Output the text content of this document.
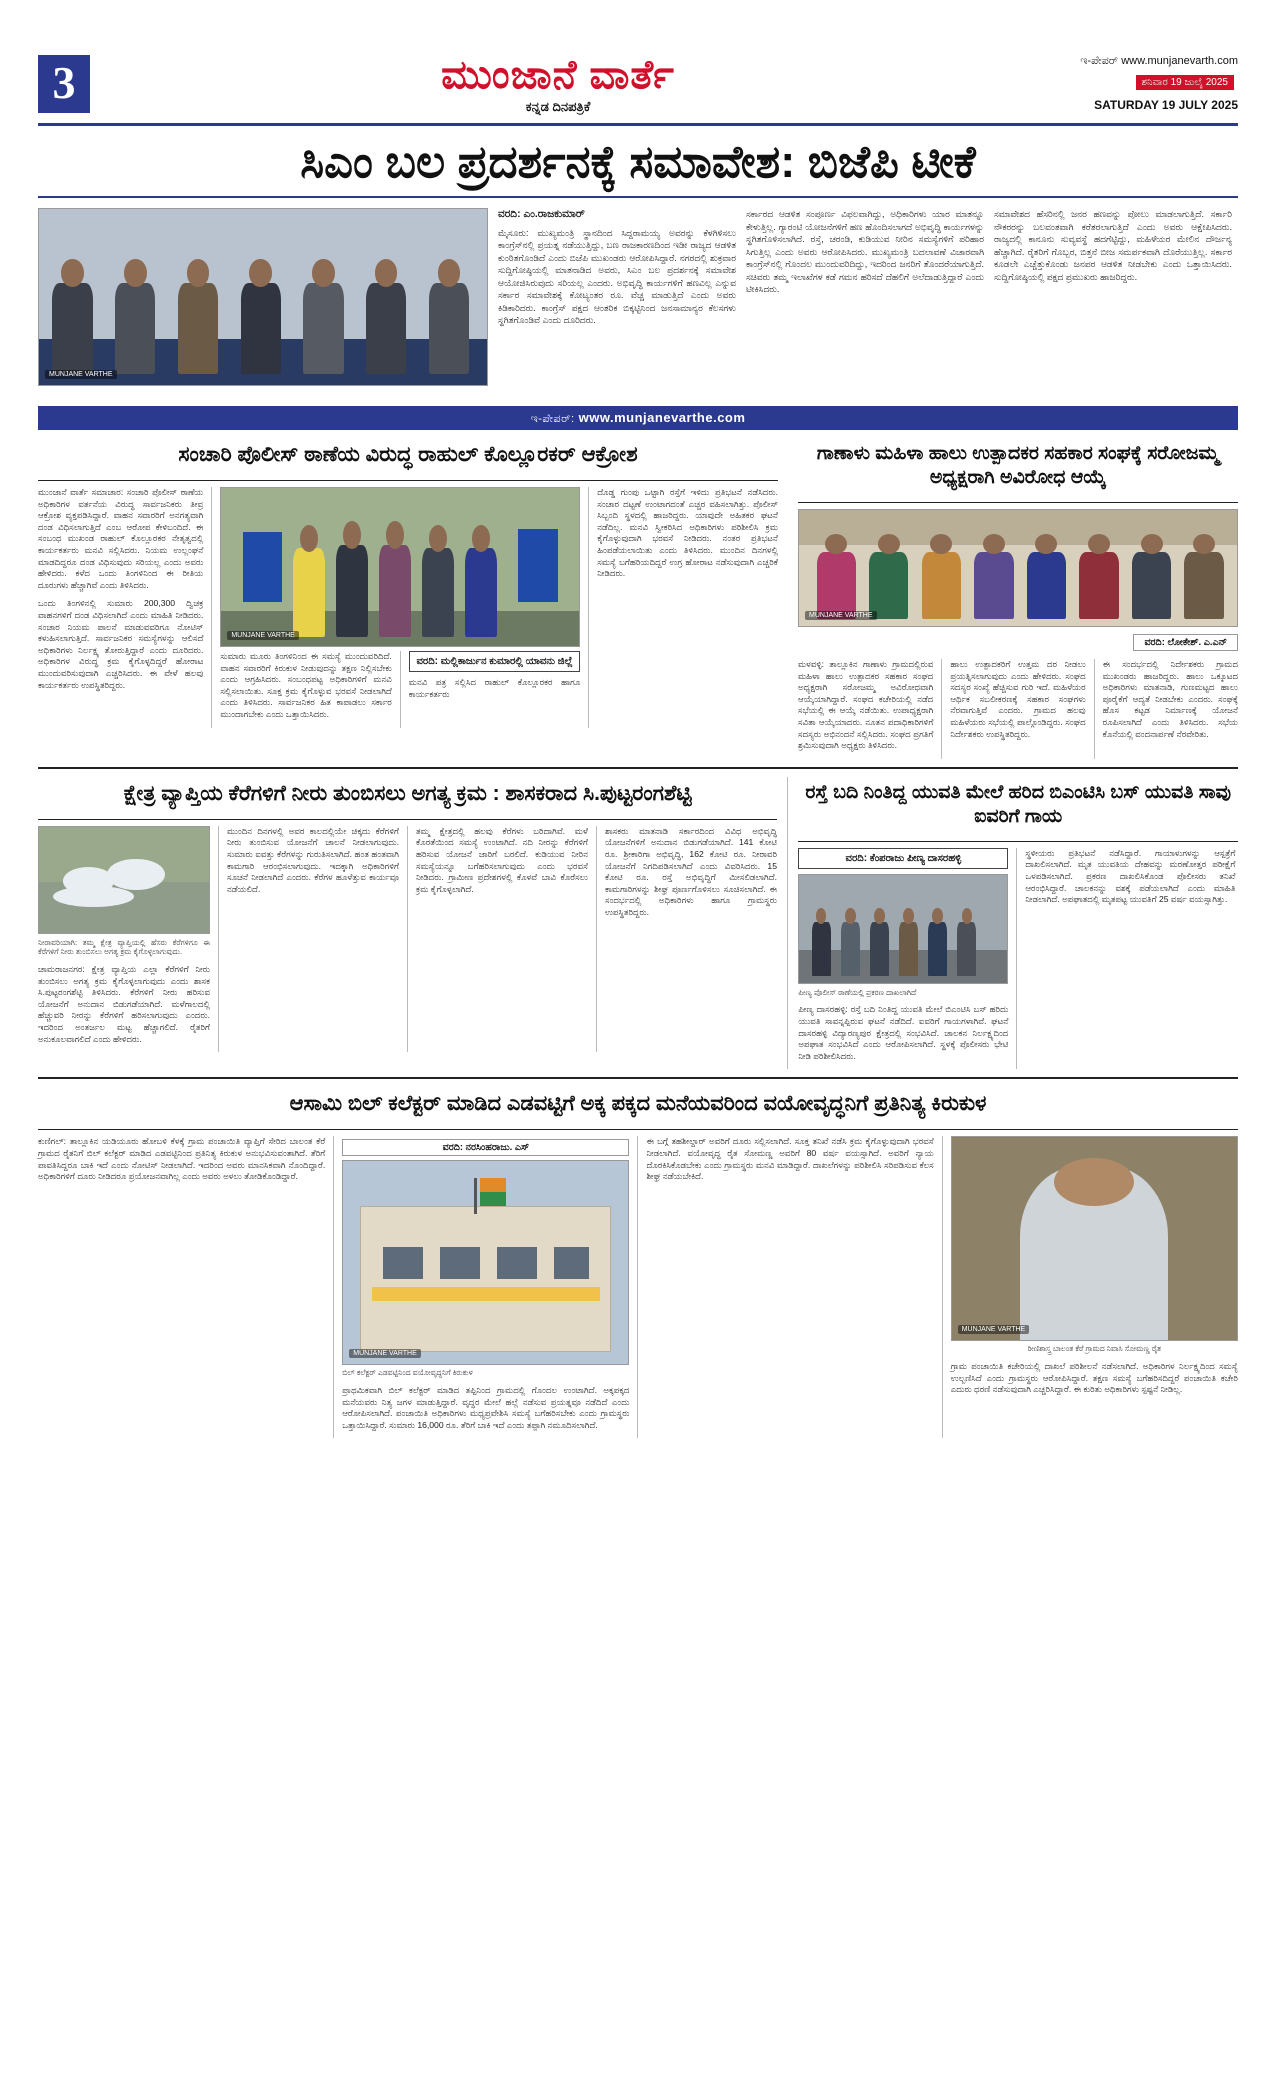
3	ಮುಂಜಾನೆ ವಾರ್ತೆ
ಕನ್ನಡ ದಿನಪತ್ರಿಕೆ
ಇ-ಪೇಪರ್ www.munjanevarth.com
ಶನಿವಾರ 19 ಜುಲೈ 2025
SATURDAY 19 JULY 2025
ಸಿಎಂ ಬಲ ಪ್ರದರ್ಶನಕ್ಕೆ ಸಮಾವೇಶ: ಬಿಜೆಪಿ ಟೀಕೆ
MUNJANE VARTHE
ವರದಿ: ಎಂ.ರಾಜಕುಮಾರ್
ಮೈಸೂರು: ಮುಖ್ಯಮಂತ್ರಿ ಸ್ಥಾನದಿಂದ ಸಿದ್ದರಾಮಯ್ಯ ಅವರನ್ನು ಕೆಳಗಿಳಿಸಲು ಕಾಂಗ್ರೆಸ್‌ನಲ್ಲಿ ಪ್ರಯತ್ನ ನಡೆಯುತ್ತಿದ್ದು, ಬಣ ರಾಜಕಾರಣದಿಂದ ಇಡೀ ರಾಜ್ಯದ ಆಡಳಿತ ಕುಂಠಿತಗೊಂಡಿದೆ ಎಂದು ಬಿಜೆಪಿ ಮುಖಂಡರು ಆರೋಪಿಸಿದ್ದಾರೆ. ನಗರದಲ್ಲಿ ಶುಕ್ರವಾರ ಸುದ್ದಿಗೋಷ್ಠಿಯಲ್ಲಿ ಮಾತನಾಡಿದ ಅವರು, ಸಿಎಂ ಬಲ ಪ್ರದರ್ಶನಕ್ಕೆ ಸಮಾವೇಶ ಆಯೋಜಿಸಿರುವುದು ಸರಿಯಲ್ಲ ಎಂದರು. ಅಭಿವೃದ್ಧಿ ಕಾರ್ಯಗಳಿಗೆ ಹಣವಿಲ್ಲ ಎನ್ನುವ ಸರ್ಕಾರ ಸಮಾವೇಶಕ್ಕೆ ಕೋಟ್ಯಂತರ ರೂ. ವೆಚ್ಚ ಮಾಡುತ್ತಿದೆ ಎಂದು ಅವರು ಕಿಡಿಕಾರಿದರು. ಕಾಂಗ್ರೆಸ್ ಪಕ್ಷದ ಆಂತರಿಕ ಬಿಕ್ಕಟ್ಟಿನಿಂದ ಜನಸಾಮಾನ್ಯರ ಕೆಲಸಗಳು ಸ್ಥಗಿತಗೊಂಡಿವೆ ಎಂದು ದೂರಿದರು.
ಸರ್ಕಾರದ ಆಡಳಿತ ಸಂಪೂರ್ಣ ವಿಫಲವಾಗಿದ್ದು, ಅಧಿಕಾರಿಗಳು ಯಾರ ಮಾತನ್ನೂ ಕೇಳುತ್ತಿಲ್ಲ. ಗ್ಯಾರಂಟಿ ಯೋಜನೆಗಳಿಗೆ ಹಣ ಹೊಂದಿಸಲಾಗದೆ ಅಭಿವೃದ್ಧಿ ಕಾರ್ಯಗಳನ್ನು ಸ್ಥಗಿತಗೊಳಿಸಲಾಗಿದೆ. ರಸ್ತೆ, ಚರಂಡಿ, ಕುಡಿಯುವ ನೀರಿನ ಸಮಸ್ಯೆಗಳಿಗೆ ಪರಿಹಾರ ಸಿಗುತ್ತಿಲ್ಲ ಎಂದು ಅವರು ಆರೋಪಿಸಿದರು. ಮುಖ್ಯಮಂತ್ರಿ ಬದಲಾವಣೆ ವಿಚಾರವಾಗಿ ಕಾಂಗ್ರೆಸ್‌ನಲ್ಲಿ ಗೊಂದಲ ಮುಂದುವರಿದಿದ್ದು, ಇದರಿಂದ ಜನರಿಗೆ ತೊಂದರೆಯಾಗುತ್ತಿದೆ. ಸಚಿವರು ತಮ್ಮ ಇಲಾಖೆಗಳ ಕಡೆ ಗಮನ ಹರಿಸದೆ ದೆಹಲಿಗೆ ಅಲೆದಾಡುತ್ತಿದ್ದಾರೆ ಎಂದು ಟೀಕಿಸಿದರು.
ಸಮಾವೇಶದ ಹೆಸರಿನಲ್ಲಿ ಜನರ ಹಣವನ್ನು ಪೋಲು ಮಾಡಲಾಗುತ್ತಿದೆ. ಸರ್ಕಾರಿ ನೌಕರರನ್ನು ಬಲವಂತವಾಗಿ ಕರೆತರಲಾಗುತ್ತಿದೆ ಎಂದು ಅವರು ಆಕ್ಷೇಪಿಸಿದರು. ರಾಜ್ಯದಲ್ಲಿ ಕಾನೂನು ಸುವ್ಯವಸ್ಥೆ ಹದಗೆಟ್ಟಿದ್ದು, ಮಹಿಳೆಯರ ಮೇಲಿನ ದೌರ್ಜನ್ಯ ಹೆಚ್ಚಾಗಿದೆ. ರೈತರಿಗೆ ಗೊಬ್ಬರ, ಬಿತ್ತನೆ ಬೀಜ ಸಮರ್ಪಕವಾಗಿ ದೊರೆಯುತ್ತಿಲ್ಲ. ಸರ್ಕಾರ ಕೂಡಲೇ ಎಚ್ಚೆತ್ತುಕೊಂಡು ಜನಪರ ಆಡಳಿತ ನೀಡಬೇಕು ಎಂದು ಒತ್ತಾಯಿಸಿದರು. ಸುದ್ದಿಗೋಷ್ಠಿಯಲ್ಲಿ ಪಕ್ಷದ ಪ್ರಮುಖರು ಹಾಜರಿದ್ದರು.
ಇ-ಪೇಪರ್: www.munjanevarthe.com
ಸಂಚಾರಿ ಪೊಲೀಸ್ ಠಾಣೆಯ ವಿರುದ್ಧ ರಾಹುಲ್ ಕೊಲ್ಲೂರಕರ್ ಆಕ್ರೋಶ

ಮುಂಜಾನೆ ವಾರ್ತೆ ಸಮಾಚಾರ: ಸಂಚಾರಿ ಪೊಲೀಸ್ ಠಾಣೆಯ ಅಧಿಕಾರಿಗಳ ವರ್ತನೆಯ ವಿರುದ್ಧ ಸಾರ್ವಜನಿಕರು ತೀವ್ರ ಆಕ್ರೋಶ ವ್ಯಕ್ತಪಡಿಸಿದ್ದಾರೆ. ವಾಹನ ಸವಾರರಿಗೆ ಅನಗತ್ಯವಾಗಿ ದಂಡ ವಿಧಿಸಲಾಗುತ್ತಿದೆ ಎಂಬ ಆರೋಪ ಕೇಳಿಬಂದಿದೆ. ಈ ಸಂಬಂಧ ಮುಖಂಡ ರಾಹುಲ್ ಕೊಲ್ಲೂರಕರ ನೇತೃತ್ವದಲ್ಲಿ ಕಾರ್ಯಕರ್ತರು ಮನವಿ ಸಲ್ಲಿಸಿದರು. ನಿಯಮ ಉಲ್ಲಂಘನೆ ಮಾಡದಿದ್ದರೂ ದಂಡ ವಿಧಿಸುವುದು ಸರಿಯಲ್ಲ ಎಂದು ಅವರು ಹೇಳಿದರು. ಕಳೆದ ಒಂದು ತಿಂಗಳಿನಿಂದ ಈ ರೀತಿಯ ದೂರುಗಳು ಹೆಚ್ಚಾಗಿವೆ ಎಂದು ತಿಳಿಸಿದರು.

ಒಂದು ತಿಂಗಳಿನಲ್ಲಿ ಸುಮಾರು 200,300 ದ್ವಿಚಕ್ರ ವಾಹನಗಳಿಗೆ ದಂಡ ವಿಧಿಸಲಾಗಿದೆ ಎಂದು ಮಾಹಿತಿ ನೀಡಿದರು. ಸಂಚಾರ ನಿಯಮ ಪಾಲನೆ ಮಾಡುವವರಿಗೂ ನೋಟಿಸ್ ಕಳುಹಿಸಲಾಗುತ್ತಿದೆ. ಸಾರ್ವಜನಿಕರ ಸಮಸ್ಯೆಗಳನ್ನು ಆಲಿಸದೆ ಅಧಿಕಾರಿಗಳು ನಿರ್ಲಕ್ಷ್ಯ ತೋರುತ್ತಿದ್ದಾರೆ ಎಂದು ದೂರಿದರು. ಅಧಿಕಾರಿಗಳ ವಿರುದ್ಧ ಕ್ರಮ ಕೈಗೊಳ್ಳದಿದ್ದರೆ ಹೋರಾಟ ಮುಂದುವರಿಸುವುದಾಗಿ ಎಚ್ಚರಿಸಿದರು. ಈ ವೇಳೆ ಹಲವು ಕಾರ್ಯಕರ್ತರು ಉಪಸ್ಥಿತರಿದ್ದರು.

MUNJANE VARTHE

ಸುಮಾರು ಮೂರು ತಿಂಗಳಿನಿಂದ ಈ ಸಮಸ್ಯೆ ಮುಂದುವರಿದಿದೆ. ವಾಹನ ಸವಾರರಿಗೆ ಕಿರುಕುಳ ನೀಡುವುದನ್ನು ತಕ್ಷಣ ನಿಲ್ಲಿಸಬೇಕು ಎಂದು ಆಗ್ರಹಿಸಿದರು. ಸಂಬಂಧಪಟ್ಟ ಅಧಿಕಾರಿಗಳಿಗೆ ಮನವಿ ಸಲ್ಲಿಸಲಾಯಿತು. ಸೂಕ್ತ ಕ್ರಮ ಕೈಗೊಳ್ಳುವ ಭರವಸೆ ನೀಡಲಾಗಿದೆ ಎಂದು ತಿಳಿಸಿದರು. ಸಾರ್ವಜನಿಕರ ಹಿತ ಕಾಪಾಡಲು ಸರ್ಕಾರ ಮುಂದಾಗಬೇಕು ಎಂದು ಒತ್ತಾಯಿಸಿದರು.

ವರದಿ: ಮಲ್ಲಿಕಾರ್ಜುನ ಕುಮಾರಲ್ಲಿ ಯಾವನು ಜಿಲ್ಲೆ

ಮನವಿ ಪತ್ರ ಸಲ್ಲಿಸಿದ ರಾಹುಲ್ ಕೊಲ್ಲೂರಕರ ಹಾಗೂ ಕಾರ್ಯಕರ್ತರು

ದೊಡ್ಡ ಗುಂಪು ಒಟ್ಟಾಗಿ ರಸ್ತೆಗೆ ಇಳಿದು ಪ್ರತಿಭಟನೆ ನಡೆಸಿದರು. ಸಂಚಾರ ದಟ್ಟಣೆ ಉಂಟಾಗದಂತೆ ಎಚ್ಚರ ವಹಿಸಲಾಗಿತ್ತು. ಪೊಲೀಸ್ ಸಿಬ್ಬಂದಿ ಸ್ಥಳದಲ್ಲಿ ಹಾಜರಿದ್ದರು. ಯಾವುದೇ ಅಹಿತಕರ ಘಟನೆ ನಡೆದಿಲ್ಲ. ಮನವಿ ಸ್ವೀಕರಿಸಿದ ಅಧಿಕಾರಿಗಳು ಪರಿಶೀಲಿಸಿ ಕ್ರಮ ಕೈಗೊಳ್ಳುವುದಾಗಿ ಭರವಸೆ ನೀಡಿದರು. ನಂತರ ಪ್ರತಿಭಟನೆ ಹಿಂಪಡೆಯಲಾಯಿತು ಎಂದು ತಿಳಿಸಿದರು. ಮುಂದಿನ ದಿನಗಳಲ್ಲಿ ಸಮಸ್ಯೆ ಬಗೆಹರಿಯದಿದ್ದರೆ ಉಗ್ರ ಹೋರಾಟ ನಡೆಸುವುದಾಗಿ ಎಚ್ಚರಿಕೆ ನೀಡಿದರು.

ಗಾಣಾಳು ಮಹಿಳಾ ಹಾಲು ಉತ್ಪಾದಕರ ಸಹಕಾರ ಸಂಘಕ್ಕೆ ಸರೋಜಮ್ಮ ಅಧ್ಯಕ್ಷರಾಗಿ ಅವಿರೋಧ ಆಯ್ಕೆ
MUNJANE VARTHE
ವರದಿ: ಲೋಕೇಶ್. ಎ.ಎನ್

ಮಳವಳ್ಳಿ: ತಾಲ್ಲೂಕಿನ ಗಾಣಾಳು ಗ್ರಾಮದಲ್ಲಿರುವ ಮಹಿಳಾ ಹಾಲು ಉತ್ಪಾದಕರ ಸಹಕಾರ ಸಂಘದ ಅಧ್ಯಕ್ಷರಾಗಿ ಸರೋಜಮ್ಮ ಅವಿರೋಧವಾಗಿ ಆಯ್ಕೆಯಾಗಿದ್ದಾರೆ. ಸಂಘದ ಕಚೇರಿಯಲ್ಲಿ ನಡೆದ ಸಭೆಯಲ್ಲಿ ಈ ಆಯ್ಕೆ ನಡೆಯಿತು. ಉಪಾಧ್ಯಕ್ಷರಾಗಿ ಸವಿತಾ ಆಯ್ಕೆಯಾದರು. ನೂತನ ಪದಾಧಿಕಾರಿಗಳಿಗೆ ಸದಸ್ಯರು ಅಭಿನಂದನೆ ಸಲ್ಲಿಸಿದರು. ಸಂಘದ ಪ್ರಗತಿಗೆ ಶ್ರಮಿಸುವುದಾಗಿ ಅಧ್ಯಕ್ಷರು ತಿಳಿಸಿದರು.

ಹಾಲು ಉತ್ಪಾದಕರಿಗೆ ಉತ್ತಮ ದರ ನೀಡಲು ಪ್ರಯತ್ನಿಸಲಾಗುವುದು ಎಂದು ಹೇಳಿದರು. ಸಂಘದ ಸದಸ್ಯರ ಸಂಖ್ಯೆ ಹೆಚ್ಚಿಸುವ ಗುರಿ ಇದೆ. ಮಹಿಳೆಯರ ಆರ್ಥಿಕ ಸಬಲೀಕರಣಕ್ಕೆ ಸಹಕಾರ ಸಂಘಗಳು ನೆರವಾಗುತ್ತಿವೆ ಎಂದರು. ಗ್ರಾಮದ ಹಲವು ಮಹಿಳೆಯರು ಸಭೆಯಲ್ಲಿ ಪಾಲ್ಗೊಂಡಿದ್ದರು. ಸಂಘದ ನಿರ್ದೇಶಕರು ಉಪಸ್ಥಿತರಿದ್ದರು.

ಈ ಸಂದರ್ಭದಲ್ಲಿ ನಿರ್ದೇಶಕರು ಗ್ರಾಮದ ಮುಖಂಡರು ಹಾಜರಿದ್ದರು. ಹಾಲು ಒಕ್ಕೂಟದ ಅಧಿಕಾರಿಗಳು ಮಾತನಾಡಿ, ಗುಣಮಟ್ಟದ ಹಾಲು ಪೂರೈಕೆಗೆ ಆದ್ಯತೆ ನೀಡಬೇಕು ಎಂದರು. ಸಂಘಕ್ಕೆ ಹೊಸ ಕಟ್ಟಡ ನಿರ್ಮಾಣಕ್ಕೆ ಯೋಜನೆ ರೂಪಿಸಲಾಗಿದೆ ಎಂದು ತಿಳಿಸಿದರು. ಸಭೆಯ ಕೊನೆಯಲ್ಲಿ ವಂದನಾರ್ಪಣೆ ನೆರವೇರಿತು.

ಕ್ಷೇತ್ರ ವ್ಯಾಪ್ತಿಯ ಕೆರೆಗಳಿಗೆ ನೀರು ತುಂಬಿಸಲು ಅಗತ್ಯ ಕ್ರಮ : ಶಾಸಕರಾದ ಸಿ.ಪುಟ್ಟರಂಗಶೆಟ್ಟಿ

ನೀರಾವರಿಯಾಗಿ: ತಮ್ಮ ಕ್ಷೇತ್ರ ವ್ಯಾಪ್ತಿಯಲ್ಲಿ ಹೆಸರು ಕೆರೆಗಳಿಗೂ ಈ ಕೆರೆಗಳಿಗೆ ನೀರು ತುಂಬಿಸಲು ಅಗತ್ಯ ಕ್ರಮ ಕೈಗೊಳ್ಳಲಾಗುವುದು.

ಚಾಮರಾಜನಗರ: ಕ್ಷೇತ್ರ ವ್ಯಾಪ್ತಿಯ ಎಲ್ಲಾ ಕೆರೆಗಳಿಗೆ ನೀರು ತುಂಬಿಸಲು ಅಗತ್ಯ ಕ್ರಮ ಕೈಗೊಳ್ಳಲಾಗುವುದು ಎಂದು ಶಾಸಕ ಸಿ.ಪುಟ್ಟರಂಗಶೆಟ್ಟಿ ತಿಳಿಸಿದರು. ಕೆರೆಗಳಿಗೆ ನೀರು ಹರಿಸುವ ಯೋಜನೆಗೆ ಅನುದಾನ ಬಿಡುಗಡೆಯಾಗಿದೆ. ಮಳೆಗಾಲದಲ್ಲಿ ಹೆಚ್ಚುವರಿ ನೀರನ್ನು ಕೆರೆಗಳಿಗೆ ಹರಿಸಲಾಗುವುದು ಎಂದರು. ಇದರಿಂದ ಅಂತರ್ಜಲ ಮಟ್ಟ ಹೆಚ್ಚಾಗಲಿದೆ. ರೈತರಿಗೆ ಅನುಕೂಲವಾಗಲಿದೆ ಎಂದು ಹೇಳಿದರು.

ಮುಂದಿನ ದಿನಗಳಲ್ಲಿ ಅವರ ಕಾಲದಲ್ಲಿಯೇ ಚಿಕ್ಕದು ಕೆರೆಗಳಿಗೆ ನೀರು ತುಂಬಿಸುವ ಯೋಜನೆಗೆ ಚಾಲನೆ ನೀಡಲಾಗುವುದು. ಸುಮಾರು ಐವತ್ತು ಕೆರೆಗಳನ್ನು ಗುರುತಿಸಲಾಗಿದೆ. ಹಂತ ಹಂತವಾಗಿ ಕಾಮಗಾರಿ ಆರಂಭಿಸಲಾಗುವುದು. ಇದಕ್ಕಾಗಿ ಅಧಿಕಾರಿಗಳಿಗೆ ಸೂಚನೆ ನೀಡಲಾಗಿದೆ ಎಂದರು. ಕೆರೆಗಳ ಹೂಳೆತ್ತುವ ಕಾರ್ಯವೂ ನಡೆಯಲಿದೆ.

ತಮ್ಮ ಕ್ಷೇತ್ರದಲ್ಲಿ ಹಲವು ಕೆರೆಗಳು ಬರಿದಾಗಿವೆ. ಮಳೆ ಕೊರತೆಯಿಂದ ಸಮಸ್ಯೆ ಉಂಟಾಗಿದೆ. ನದಿ ನೀರನ್ನು ಕೆರೆಗಳಿಗೆ ಹರಿಸುವ ಯೋಜನೆ ಜಾರಿಗೆ ಬರಲಿದೆ. ಕುಡಿಯುವ ನೀರಿನ ಸಮಸ್ಯೆಯನ್ನೂ ಬಗೆಹರಿಸಲಾಗುವುದು ಎಂದು ಭರವಸೆ ನೀಡಿದರು. ಗ್ರಾಮೀಣ ಪ್ರದೇಶಗಳಲ್ಲಿ ಕೊಳವೆ ಬಾವಿ ಕೊರೆಸಲು ಕ್ರಮ ಕೈಗೊಳ್ಳಲಾಗಿದೆ.

ಶಾಸಕರು ಮಾತನಾಡಿ ಸರ್ಕಾರದಿಂದ ವಿವಿಧ ಅಭಿವೃದ್ಧಿ ಯೋಜನೆಗಳಿಗೆ ಅನುದಾನ ಬಿಡುಗಡೆಯಾಗಿದೆ. 141 ಕೋಟಿ ರೂ. ಶ್ರೀಕಾರಿಗಾ ಅಭಿವೃದ್ಧಿ, 162 ಕೋಟಿ ರೂ. ನೀರಾವರಿ ಯೋಜನೆಗೆ ನಿಗದಿಪಡಿಸಲಾಗಿದೆ ಎಂದು ವಿವರಿಸಿದರು. 15 ಕೋಟಿ ರೂ. ರಸ್ತೆ ಅಭಿವೃದ್ಧಿಗೆ ಮೀಸಲಿಡಲಾಗಿದೆ. ಕಾಮಗಾರಿಗಳನ್ನು ಶೀಘ್ರ ಪೂರ್ಣಗೊಳಿಸಲು ಸೂಚಿಸಲಾಗಿದೆ. ಈ ಸಂದರ್ಭದಲ್ಲಿ ಅಧಿಕಾರಿಗಳು ಹಾಗೂ ಗ್ರಾಮಸ್ಥರು ಉಪಸ್ಥಿತರಿದ್ದರು.

ರಸ್ತೆ ಬದಿ ನಿಂತಿದ್ದ ಯುವತಿ ಮೇಲೆ ಹರಿದ ಬಿಎಂಟಿಸಿ ಬಸ್ ಯುವತಿ ಸಾವು ಐವರಿಗೆ ಗಾಯ
ವರದಿ: ಕೆಂಪರಾಜು ಪೀಣ್ಯ ದಾಸರಹಳ್ಳಿ

ಪೀಣ್ಯ ಪೊಲೀಸ್ ಠಾಣೆಯಲ್ಲಿ ಪ್ರಕರಣ ದಾಖಲಾಗಿದೆ

ಪೀಣ್ಯ ದಾಸರಹಳ್ಳಿ: ರಸ್ತೆ ಬದಿ ನಿಂತಿದ್ದ ಯುವತಿ ಮೇಲೆ ಬಿಎಂಟಿಸಿ ಬಸ್ ಹರಿದು ಯುವತಿ ಸಾವನ್ನಪ್ಪಿರುವ ಘಟನೆ ನಡೆದಿದೆ. ಐವರಿಗೆ ಗಾಯಗಳಾಗಿವೆ. ಘಟನೆ ದಾಸರಹಳ್ಳಿ ವಿದ್ಯಾರಣ್ಯಪುರ ಕ್ಷೇತ್ರದಲ್ಲಿ ಸಂಭವಿಸಿದೆ. ಚಾಲಕನ ನಿರ್ಲಕ್ಷ್ಯದಿಂದ ಅಪಘಾತ ಸಂಭವಿಸಿದೆ ಎಂದು ಆರೋಪಿಸಲಾಗಿದೆ. ಸ್ಥಳಕ್ಕೆ ಪೊಲೀಸರು ಭೇಟಿ ನೀಡಿ ಪರಿಶೀಲಿಸಿದರು.

ಸ್ಥಳೀಯರು ಪ್ರತಿಭಟನೆ ನಡೆಸಿದ್ದಾರೆ. ಗಾಯಾಳುಗಳನ್ನು ಆಸ್ಪತ್ರೆಗೆ ದಾಖಲಿಸಲಾಗಿದೆ. ಮೃತ ಯುವತಿಯ ದೇಹವನ್ನು ಮರಣೋತ್ತರ ಪರೀಕ್ಷೆಗೆ ಒಳಪಡಿಸಲಾಗಿದೆ. ಪ್ರಕರಣ ದಾಖಲಿಸಿಕೊಂಡ ಪೊಲೀಸರು ತನಿಖೆ ಆರಂಭಿಸಿದ್ದಾರೆ. ಚಾಲಕನನ್ನು ವಶಕ್ಕೆ ಪಡೆಯಲಾಗಿದೆ ಎಂದು ಮಾಹಿತಿ ನೀಡಲಾಗಿದೆ. ಅಪಘಾತದಲ್ಲಿ ಮೃತಪಟ್ಟ ಯುವತಿಗೆ 25 ವರ್ಷ ವಯಸ್ಸಾಗಿತ್ತು.

ಆಸಾಮಿ ಬಿಲ್ ಕಲೆಕ್ಟರ್ ಮಾಡಿದ ಎಡವಟ್ಟಿಗೆ ಅಕ್ಕ ಪಕ್ಕದ ಮನೆಯವರಿಂದ ವಯೋವೃದ್ಧನಿಗೆ ಪ್ರತಿನಿತ್ಯ ಕಿರುಕುಳ

ಕುಣಿಗಲ್: ತಾಲ್ಲೂಕಿನ ಯಡಿಯೂರು ಹೋಬಳಿ ಕೆಳಕ್ಕೆ ಗ್ರಾಮ ಪಂಚಾಯಿತಿ ವ್ಯಾಪ್ತಿಗೆ ಸೇರಿದ ಬಾಲಂತ ಕೆರೆ ಗ್ರಾಮದ ರೈತನಿಗೆ ಬಿಲ್ ಕಲೆಕ್ಟರ್ ಮಾಡಿದ ಎಡವಟ್ಟಿನಿಂದ ಪ್ರತಿನಿತ್ಯ ಕಿರುಕುಳ ಅನುಭವಿಸುವಂತಾಗಿದೆ. ತೆರಿಗೆ ಪಾವತಿಸಿದ್ದರೂ ಬಾಕಿ ಇದೆ ಎಂದು ನೋಟಿಸ್ ನೀಡಲಾಗಿದೆ. ಇದರಿಂದ ಅವರು ಮಾನಸಿಕವಾಗಿ ನೊಂದಿದ್ದಾರೆ. ಅಧಿಕಾರಿಗಳಿಗೆ ದೂರು ನೀಡಿದರೂ ಪ್ರಯೋಜನವಾಗಿಲ್ಲ ಎಂದು ಅವರು ಅಳಲು ತೋಡಿಕೊಂಡಿದ್ದಾರೆ.

ವರದಿ: ನರಸಿಂಹರಾಜು. ಎಸ್
MUNJANE VARTHE

ಬಿಲ್ ಕಲೆಕ್ಟರ್ ಎಡವಟ್ಟಿನಿಂದ ವಯೋವೃದ್ಧನಿಗೆ ಕಿರುಕುಳ

ಪ್ರಾಥಮಿಕವಾಗಿ ಬಿಲ್ ಕಲೆಕ್ಟರ್ ಮಾಡಿದ ತಪ್ಪಿನಿಂದ ಗ್ರಾಮದಲ್ಲಿ ಗೊಂದಲ ಉಂಟಾಗಿದೆ. ಅಕ್ಕಪಕ್ಕದ ಮನೆಯವರು ನಿತ್ಯ ಜಗಳ ಮಾಡುತ್ತಿದ್ದಾರೆ. ವೃದ್ಧರ ಮೇಲೆ ಹಲ್ಲೆ ನಡೆಸುವ ಪ್ರಯತ್ನವೂ ನಡೆದಿದೆ ಎಂದು ಆರೋಪಿಸಲಾಗಿದೆ. ಪಂಚಾಯಿತಿ ಅಧಿಕಾರಿಗಳು ಮಧ್ಯಪ್ರವೇಶಿಸಿ ಸಮಸ್ಯೆ ಬಗೆಹರಿಸಬೇಕು ಎಂದು ಗ್ರಾಮಸ್ಥರು ಒತ್ತಾಯಿಸಿದ್ದಾರೆ. ಸುಮಾರು 16,000 ರೂ. ತೆರಿಗೆ ಬಾಕಿ ಇದೆ ಎಂದು ತಪ್ಪಾಗಿ ನಮೂದಿಸಲಾಗಿದೆ.

ಈ ಬಗ್ಗೆ ತಹಶೀಲ್ದಾರ್ ಅವರಿಗೆ ದೂರು ಸಲ್ಲಿಸಲಾಗಿದೆ. ಸೂಕ್ತ ತನಿಖೆ ನಡೆಸಿ ಕ್ರಮ ಕೈಗೊಳ್ಳುವುದಾಗಿ ಭರವಸೆ ನೀಡಲಾಗಿದೆ. ವಯೋವೃದ್ಧ ರೈತ ಸೋಮಣ್ಣ ಅವರಿಗೆ 80 ವರ್ಷ ವಯಸ್ಸಾಗಿದೆ. ಅವರಿಗೆ ನ್ಯಾಯ ದೊರಕಿಸಿಕೊಡಬೇಕು ಎಂದು ಗ್ರಾಮಸ್ಥರು ಮನವಿ ಮಾಡಿದ್ದಾರೆ. ದಾಖಲೆಗಳನ್ನು ಪರಿಶೀಲಿಸಿ ಸರಿಪಡಿಸುವ ಕೆಲಸ ಶೀಘ್ರ ನಡೆಯಬೇಕಿದೆ.

MUNJANE VARTHE

ರೀಣಿಶಾಸ್ತ್ರ ಬಾಲಂತ ಕೆರೆ ಗ್ರಾಮದ ನಿವಾಸಿ ಸೋಮಣ್ಣ ರೈತ

ಗ್ರಾಮ ಪಂಚಾಯಿತಿ ಕಚೇರಿಯಲ್ಲಿ ದಾಖಲೆ ಪರಿಶೀಲನೆ ನಡೆಸಲಾಗಿದೆ. ಅಧಿಕಾರಿಗಳ ನಿರ್ಲಕ್ಷ್ಯದಿಂದ ಸಮಸ್ಯೆ ಉಲ್ಬಣಿಸಿದೆ ಎಂದು ಗ್ರಾಮಸ್ಥರು ಆರೋಪಿಸಿದ್ದಾರೆ. ತಕ್ಷಣ ಸಮಸ್ಯೆ ಬಗೆಹರಿಸದಿದ್ದರೆ ಪಂಚಾಯಿತಿ ಕಚೇರಿ ಎದುರು ಧರಣಿ ನಡೆಸುವುದಾಗಿ ಎಚ್ಚರಿಸಿದ್ದಾರೆ. ಈ ಕುರಿತು ಅಧಿಕಾರಿಗಳು ಸ್ಪಷ್ಟನೆ ನೀಡಿಲ್ಲ.
